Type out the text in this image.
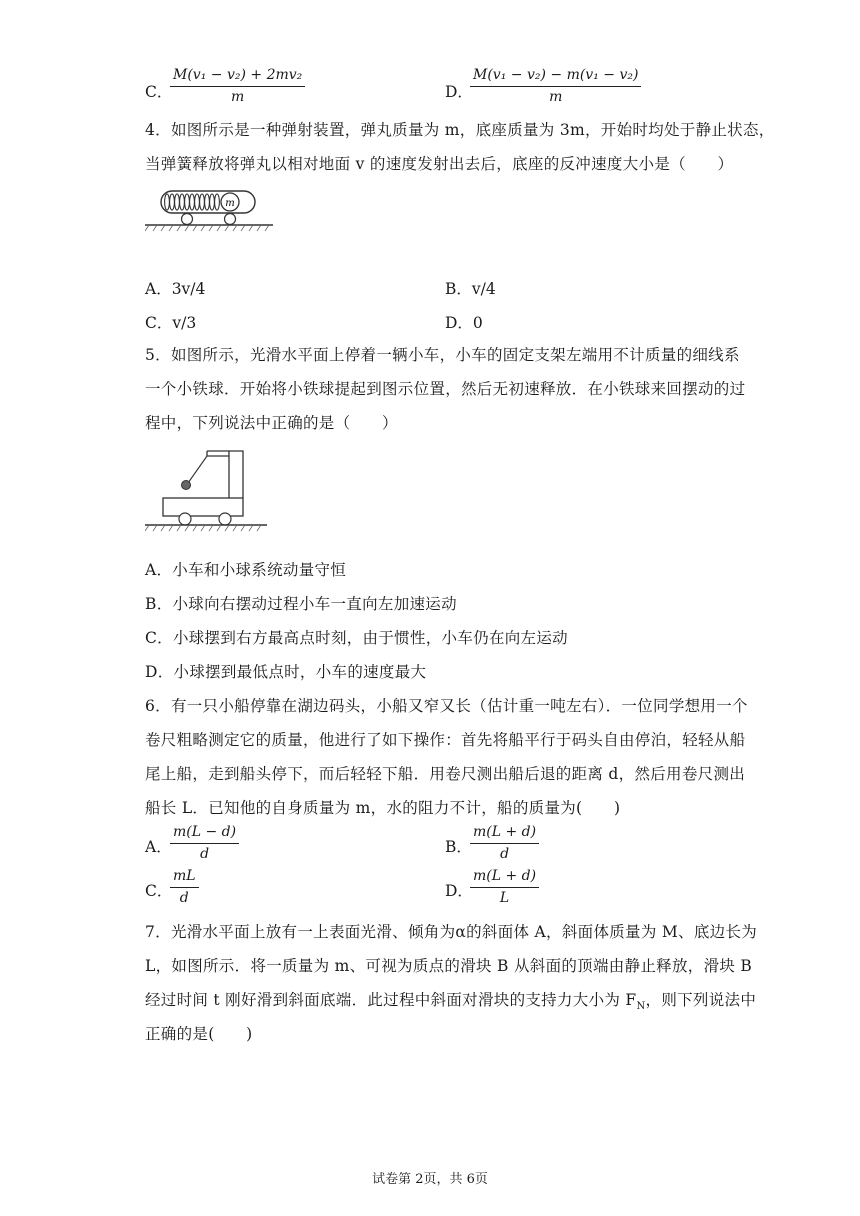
C．
$\frac{\text{M(v₁ − v₂) + 2mv₂}}{m}$	D．
$\frac{\text{M(v₁ − v₂) − m(v₁ − v₂)}}{m}$
4．如图所示是一种弹射装置，弹丸质量为 m，底座质量为 3m，开始时均处于静止状态，
当弹簧释放将弹丸以相对地面 v 的速度发射出去后，底座的反冲速度大小是（　　）
m
A．3v/4	B．v/4
C．v/3	D．0
5．如图所示，光滑水平面上停着一辆小车，小车的固定支架左端用不计质量的细线系
一个小铁球．开始将小铁球提起到图示位置，然后无初速释放．在小铁球来回摆动的过
程中，下列说法中正确的是（　　）
A．小车和小球系统动量守恒
B．小球向右摆动过程小车一直向左加速运动
C．小球摆到右方最高点时刻，由于惯性，小车仍在向左运动
D．小球摆到最低点时，小车的速度最大
6．有一只小船停靠在湖边码头，小船又窄又长（估计重一吨左右）．一位同学想用一个
卷尺粗略测定它的质量，他进行了如下操作：首先将船平行于码头自由停泊，轻轻从船
尾上船，走到船头停下，而后轻轻下船．用卷尺测出船后退的距离 d，然后用卷尺测出
船长 L．已知他的自身质量为 m，水的阻力不计，船的质量为(　　)
A．
$\frac{m(L - d)}{d}$	B．
$\frac{m(L + d)}{d}$
C．
$\frac{mL}{d}$	D．
$\frac{m(L + d)}{L}$
7．光滑水平面上放有一上表面光滑、倾角为α的斜面体 A，斜面体质量为 M、底边长为
L，如图所示．将一质量为 m、可视为质点的滑块 B 从斜面的顶端由静止释放，滑块 B
经过时间 t 刚好滑到斜面底端．此过程中斜面对滑块的支持力大小为 $F_N$，则下列说法中
正确的是(　　)
试卷第 2页，共 6页
